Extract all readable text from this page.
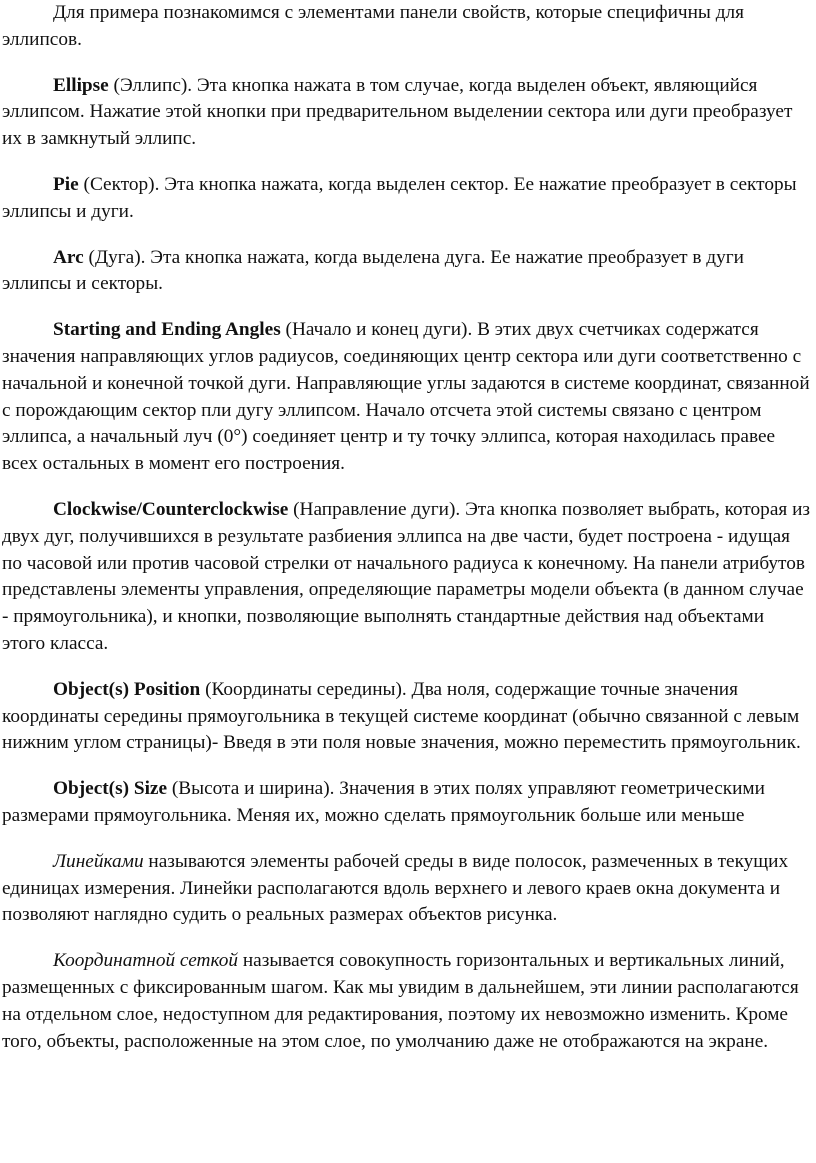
Для примера познакомимся с элементами панели свойств, которые специфичны для эллипсов.

Ellipse (Эллипс). Эта кнопка нажата в том случае, когда выделен объект, являющийся эллипсом. Нажатие этой кнопки при предварительном выделении сектора или дуги преобразует их в замкнутый эллипс.

Pie (Сектор). Эта кнопка нажата, когда выделен сектор. Ее нажатие преобразует в секторы эллипсы и дуги.

Arc (Дуга). Эта кнопка нажата, когда выделена дуга. Ее нажатие преобразует в дуги эллипсы и секторы.

Starting and Ending Angles (Начало и конец дуги). В этих двух счетчиках содержатся значения направляющих углов радиусов, соединяющих центр сектора или дуги соответственно с начальной и конечной точкой дуги. Направляющие углы задаются в системе координат, связанной с порождающим сектор пли дугу эллипсом. Начало отсчета этой системы связано с центром эллипса, а начальный луч (0°) соединяет центр и ту точку эллипса, которая находилась правее всех остальных в момент его построения.

Clockwise/Counterclockwise (Направление дуги). Эта кнопка позволяет выбрать, которая из двух дуг, получившихся в результате разбиения эллипса на две части, будет построена - идущая по часовой или против часовой стрелки от начального радиуса к конечному. На панели атрибутов представлены элементы управления, определяющие параметры модели объекта (в данном случае - прямоугольника), и кнопки, позволяющие выполнять стандартные действия над объектами этого класса.

Object(s) Position (Координаты середины). Два ноля, содержащие точные значения координаты середины прямоугольника в текущей системе координат (обычно связанной с левым нижним углом страницы)- Введя в эти поля новые значения, можно переместить прямоугольник.

Object(s) Size (Высота и ширина). Значения в этих полях управляют геометрическими размерами прямоугольника. Меняя их, можно сделать прямоугольник больше или меньше

Линейками называются элементы рабочей среды в виде полосок, размеченных в текущих единицах измерения. Линейки располагаются вдоль верхнего и левого краев окна документа и позволяют наглядно судить о реальных размерах объектов рисунка.

Координатной сеткой называется совокупность горизонтальных и вертикальных линий, размещенных с фиксированным шагом. Как мы увидим в дальнейшем, эти линии располагаются на отдельном слое, недоступном для редактирования, поэтому их невозможно изменить. Кроме того, объекты, расположенные на этом слое, по умолчанию даже не отображаются на экране.
